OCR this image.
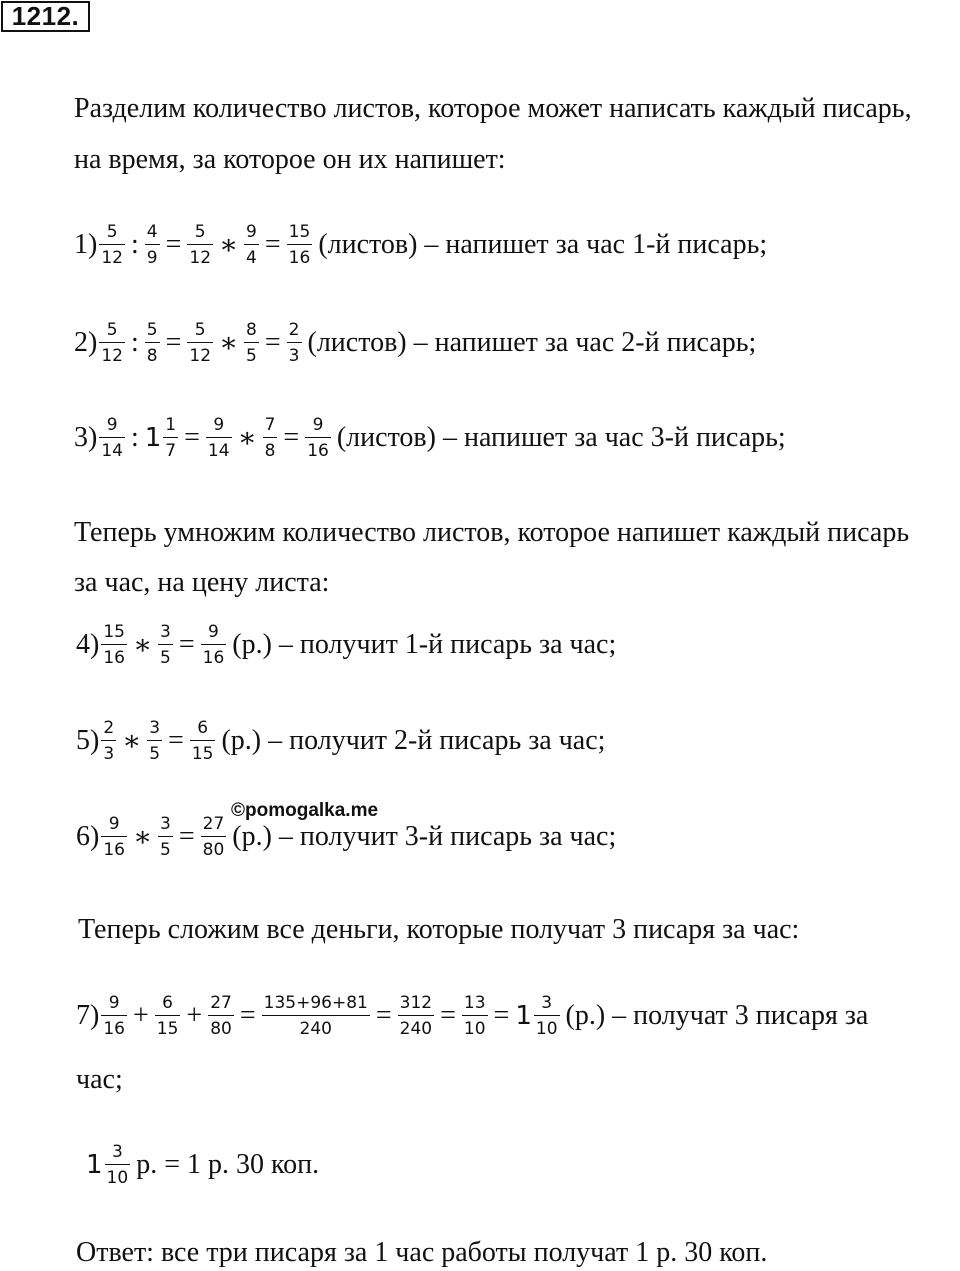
1212.
Разделим количество листов, которое может написать каждый писарь,
на время, за которое он их напишет:
$1) \frac{5}{12}$ : $\frac{4}{9} = \frac{5}{12}$ ∗ $\frac{9}{4} = \frac{15}{16}$ (листов) – напишет за час 1-й писарь;
$2) \frac{5}{12}$ : $\frac{5}{8} = \frac{5}{12}$ ∗ $\frac{8}{5} = \frac{2}{3}$ (листов) – напишет за час 2-й писарь;
$3) \frac{9}{14}$ : $1 \frac{1}{7} = \frac{9}{14}$ ∗ $\frac{7}{8} = \frac{9}{16}$ (листов) – напишет за час 3-й писарь;
Теперь умножим количество листов, которое напишет каждый писарь
за час, на цену листа:
$4) \frac{15}{16}$ ∗ $\frac{3}{5} = \frac{9}{16} (р.)$ – получит 1-й писарь за час;
$5) \frac{2}{3}$ ∗ $\frac{3}{5} = \frac{6}{15} (р.)$ – получит 2-й писарь за час;
©pomogalka.me
$6) \frac{9}{16}$ ∗ $\frac{3}{5} = \frac{27}{80} (р.)$ – получит 3-й писарь за час;
Теперь сложим все деньги, которые получат 3 писаря за час:
$7) \frac{9}{16} + \frac{6}{15} + \frac{27}{80} = \frac{135+96+81}{240} = \frac{312}{240} = \frac{13}{10} = 1 \frac{3}{10} (р.)$ – получат 3 писаря за
час;
$1 \frac{3}{10} р$. = 1 р. 30 коп.
Ответ: все три писаря за 1 час работы получат 1 р. 30 коп.
